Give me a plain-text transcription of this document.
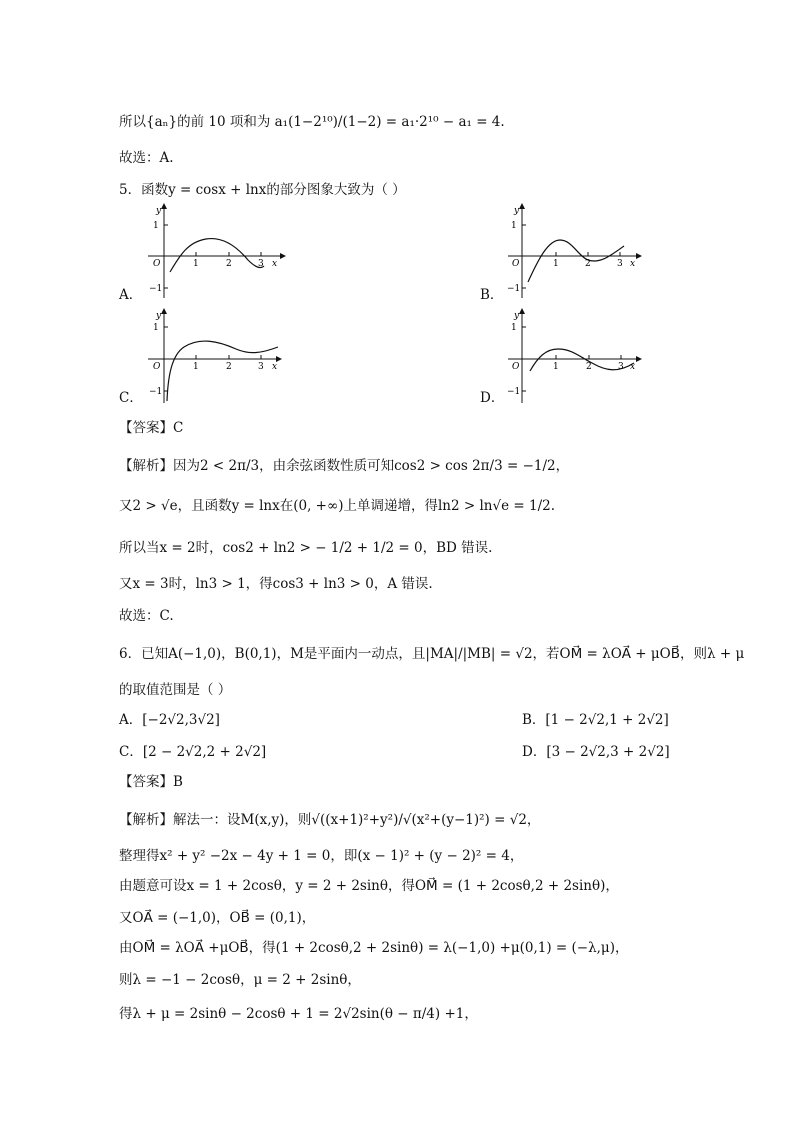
所以{aₙ}的前 10 项和为 a₁(1−2¹⁰)/(1−2) = a₁·2¹⁰ − a₁ = 4.
故选：A.
5．函数y = cosx + lnx的部分图象大致为（ ）
A．
y
x
O
1
−1
1	2	3
B．
y
x
O
1
−1
1	2	3
C．
y
x
O
1
−1
1	2	3
D．
y
x
O
1
−1
1	2	3
【答案】C
【解析】因为2 < 2π/3，由余弦函数性质可知cos2 > cos 2π/3 = −1/2，
又2 > √e，且函数y = lnx在(0, +∞)上单调递增，得ln2 > ln√e = 1/2.
所以当x = 2时，cos2 + ln2 > − 1/2 + 1/2 = 0，BD 错误.
又x = 3时，ln3 > 1，得cos3 + ln3 > 0，A 错误.
故选：C.
6．已知A(−1,0)，B(0,1)，M是平面内一动点，且|MA|/|MB| = √2，若OM⃗ = λOA⃗ + μOB⃗，则λ + μ
的取值范围是（ ）
A．[−2√2,3√2]	B．[1 − 2√2,1 + 2√2]
C．[2 − 2√2,2 + 2√2]	D．[3 − 2√2,3 + 2√2]
【答案】B
【解析】解法一：设M(x,y)，则√((x+1)²+y²)/√(x²+(y−1)²) = √2，
整理得x² + y² −2x − 4y + 1 = 0，即(x − 1)² + (y − 2)² = 4，
由题意可设x = 1 + 2cosθ，y = 2 + 2sinθ，得OM⃗ = (1 + 2cosθ,2 + 2sinθ)，
又OA⃗ = (−1,0)，OB⃗ = (0,1)，
由OM⃗ = λOA⃗ +μOB⃗，得(1 + 2cosθ,2 + 2sinθ) = λ(−1,0) +μ(0,1) = (−λ,μ)，
则λ = −1 − 2cosθ，μ = 2 + 2sinθ，
得λ + μ = 2sinθ − 2cosθ + 1 = 2√2sin(θ − π/4) +1，
